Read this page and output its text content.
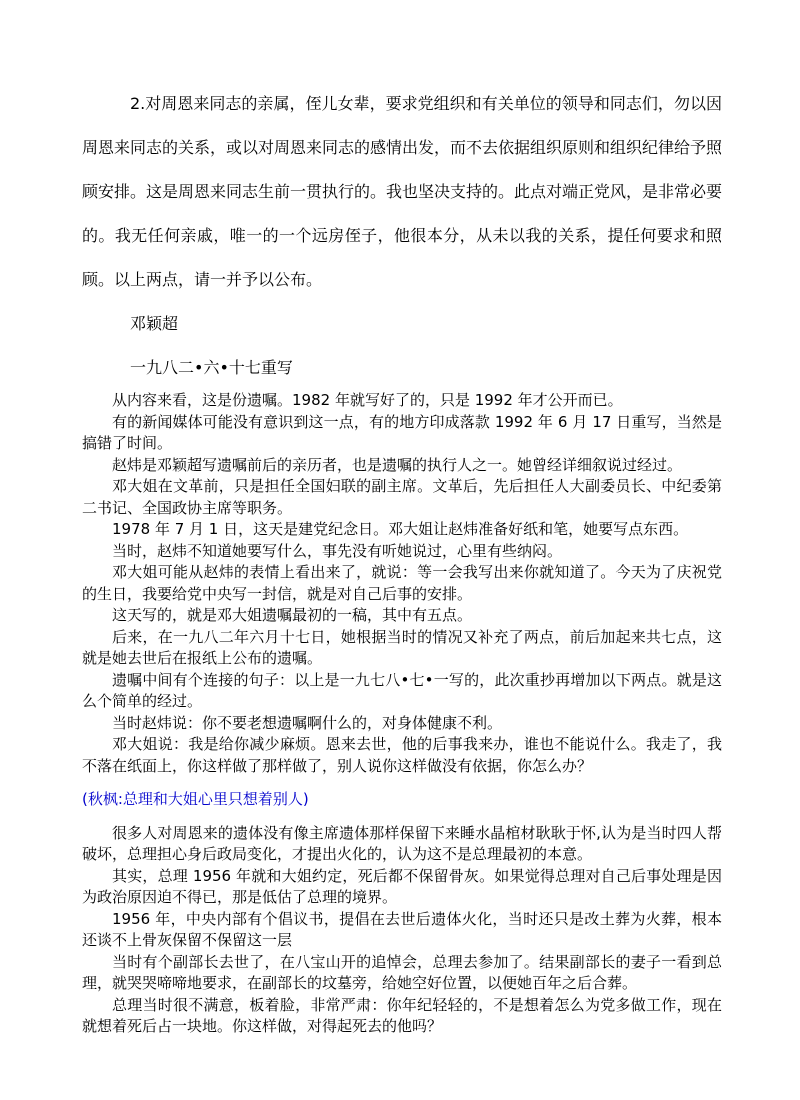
2.对周恩来同志的亲属，侄儿女辈，要求党组织和有关单位的领导和同志们，勿以因周恩来同志的关系，或以对周恩来同志的感情出发，而不去依据组织原则和组织纪律给予照顾安排。这是周恩来同志生前一贯执行的。我也坚决支持的。此点对端正党风，是非常必要的。我无任何亲戚，唯一的一个远房侄子，他很本分，从未以我的关系，提任何要求和照顾。以上两点，请一并予以公布。

邓颖超

一九八二•六•十七重写

从内容来看，这是份遗嘱。1982 年就写好了的，只是 1992 年才公开而已。

有的新闻媒体可能没有意识到这一点，有的地方印成落款 1992 年 6 月 17 日重写，当然是搞错了时间。

赵炜是邓颖超写遗嘱前后的亲历者，也是遗嘱的执行人之一。她曾经详细叙说过经过。

邓大姐在文革前，只是担任全国妇联的副主席。文革后，先后担任人大副委员长、中纪委第二书记、全国政协主席等职务。

1978 年 7 月 1 日，这天是建党纪念日。邓大姐让赵炜准备好纸和笔，她要写点东西。

当时，赵炜不知道她要写什么，事先没有听她说过，心里有些纳闷。

邓大姐可能从赵炜的表情上看出来了，就说：等一会我写出来你就知道了。今天为了庆祝党的生日，我要给党中央写一封信，就是对自己后事的安排。

这天写的，就是邓大姐遗嘱最初的一稿，其中有五点。

后来，在一九八二年六月十七日，她根据当时的情况又补充了两点，前后加起来共七点，这就是她去世后在报纸上公布的遗嘱。

遗嘱中间有个连接的句子：以上是一九七八•七•一写的，此次重抄再增加以下两点。就是这么个简单的经过。

当时赵炜说：你不要老想遗嘱啊什么的，对身体健康不利。

邓大姐说：我是给你减少麻烦。恩来去世，他的后事我来办，谁也不能说什么。我走了，我不落在纸面上，你这样做了那样做了，别人说你这样做没有依据，你怎么办？

(秋枫:总理和大姐心里只想着别人)

很多人对周恩来的遗体没有像主席遗体那样保留下来睡水晶棺材耿耿于怀,认为是当时四人帮破坏，总理担心身后政局变化，才提出火化的，认为这不是总理最初的本意。

其实，总理 1956 年就和大姐约定，死后都不保留骨灰。如果觉得总理对自己后事处理是因为政治原因迫不得已，那是低估了总理的境界。

1956 年，中央内部有个倡议书，提倡在去世后遗体火化，当时还只是改土葬为火葬，根本还谈不上骨灰保留不保留这一层

当时有个副部长去世了，在八宝山开的追悼会，总理去参加了。结果副部长的妻子一看到总理，就哭哭啼啼地要求，在副部长的坟墓旁，给她空好位置，以便她百年之后合葬。

总理当时很不满意，板着脸，非常严肃：你年纪轻轻的，不是想着怎么为党多做工作，现在就想着死后占一块地。你这样做，对得起死去的他吗？
